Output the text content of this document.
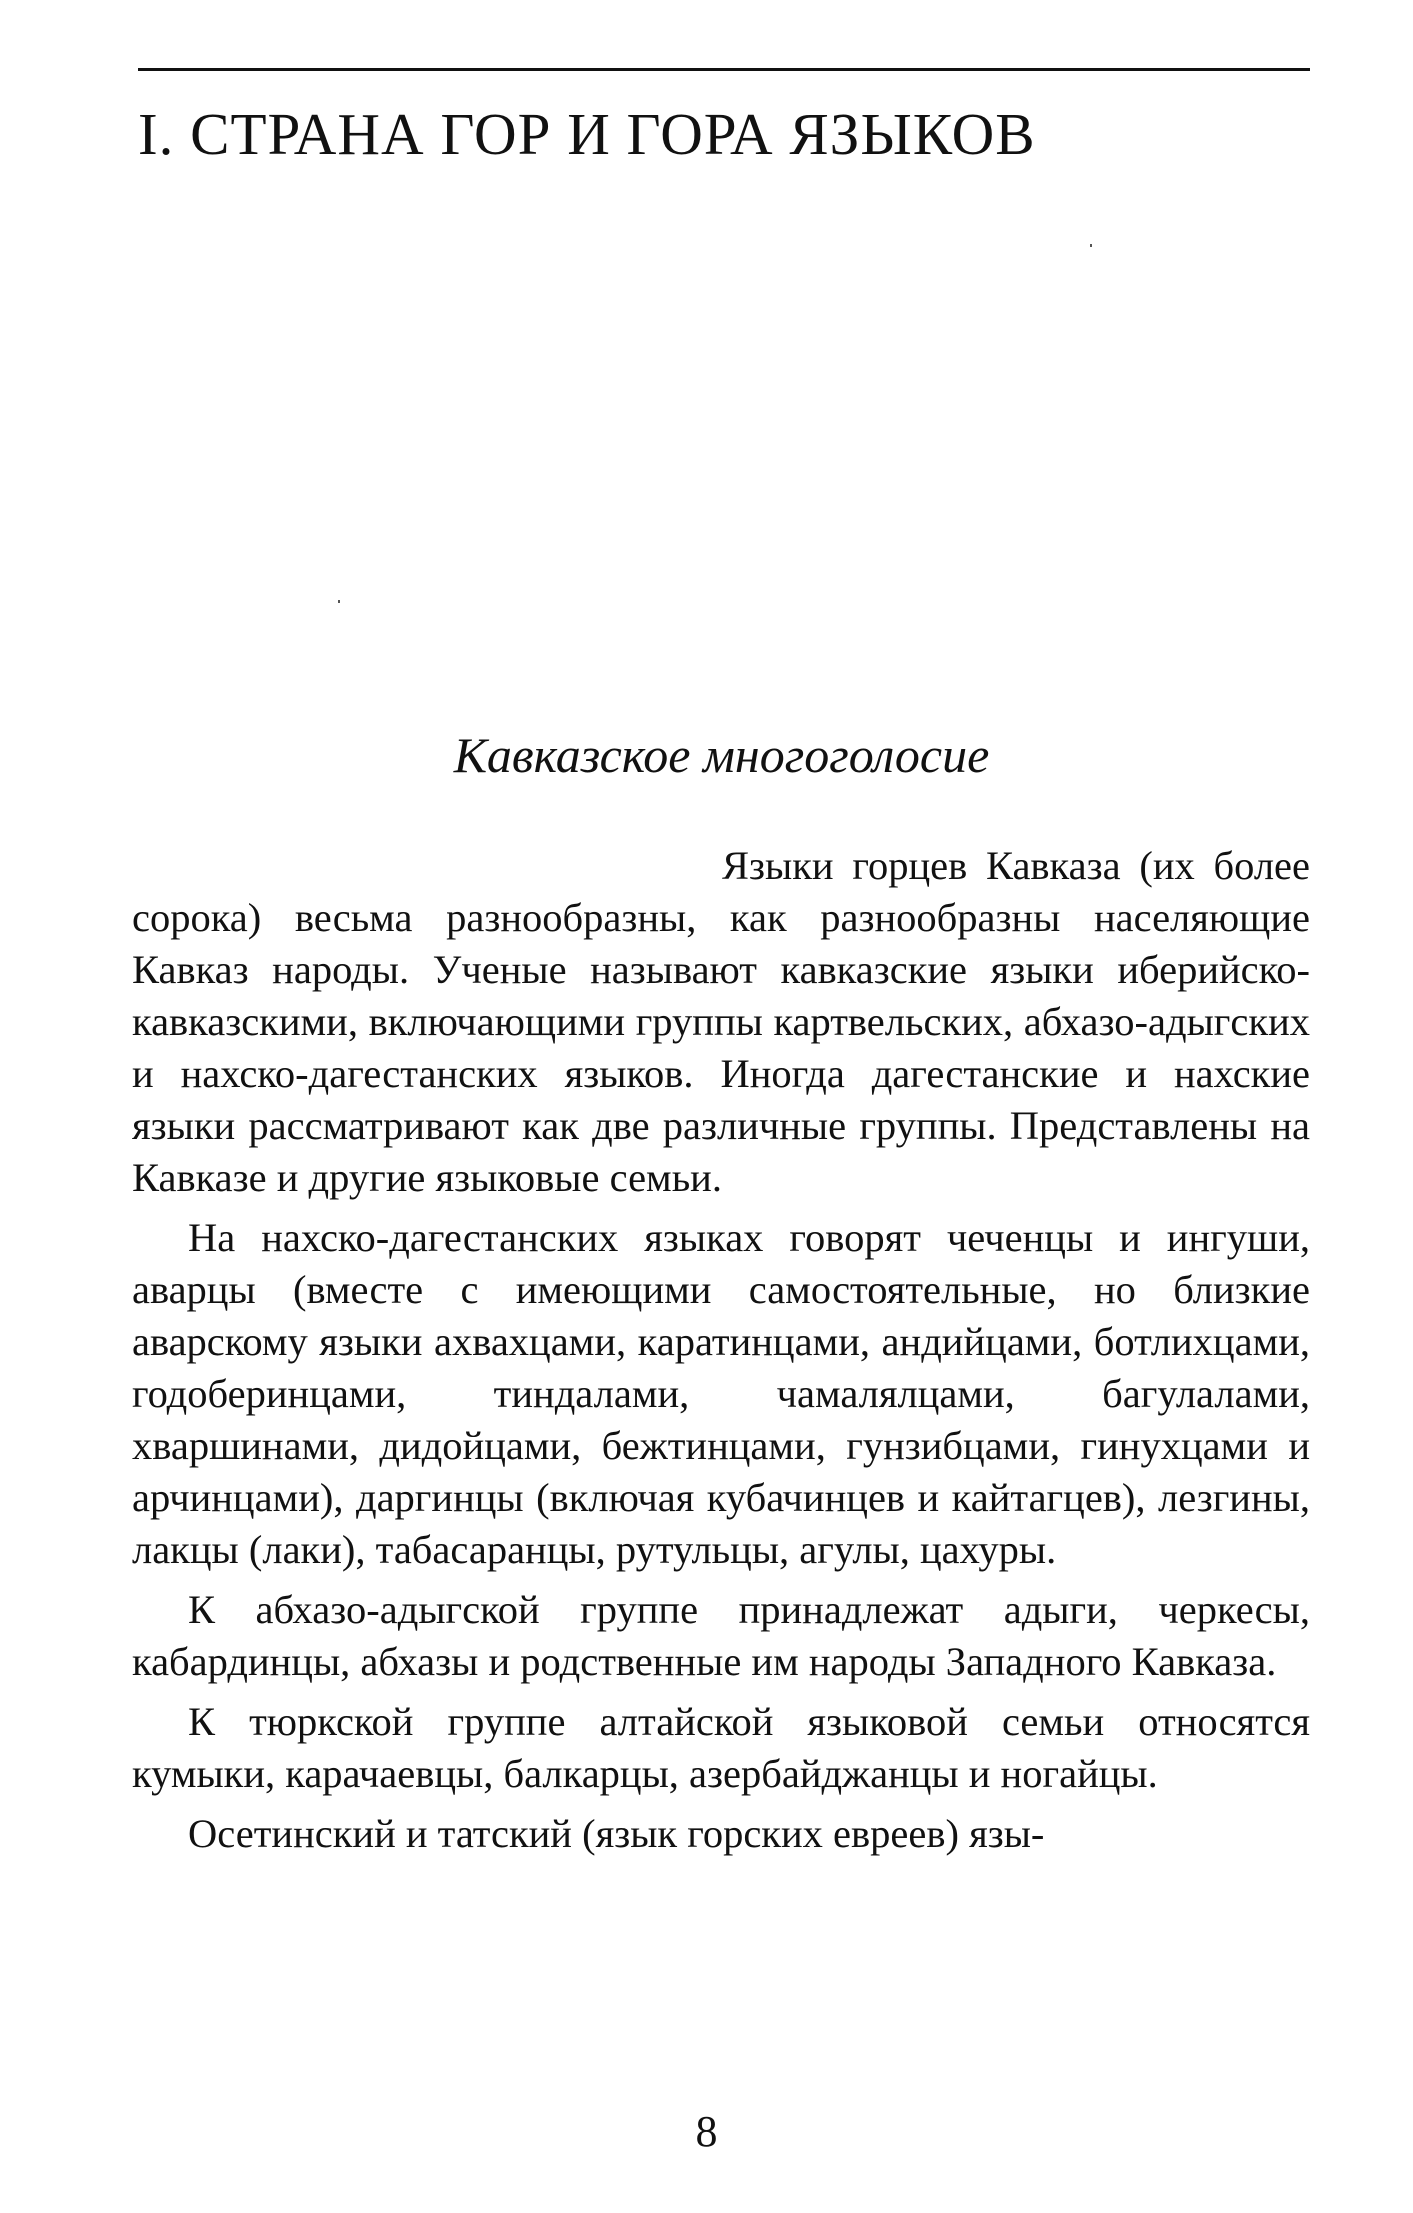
I. СТРАНА ГОР И ГОРА ЯЗЫКОВ
Кавказское многоголосие

Языки горцев Кавказа (их более сорока) весьма разнообразны, как разнообразны населяющие Кавказ народы. Ученые называют кавказские языки иберийско-кавказскими, включающими группы картвельских, абхазо-адыгских и нахско-дагестанских языков. Иногда дагестанские и нахские языки рассматривают как две различные группы. Представлены на Кавказе и другие языковые семьи.

На нахско-дагестанских языках говорят чеченцы и ингуши, аварцы (вместе с имеющими самостоятельные, но близкие аварскому языки ахвахцами, каратинцами, андийцами, ботлихцами, годоберинцами, тиндалами, чамалялцами, багулалами, хваршинами, дидойцами, бежтинцами, гунзибцами, гинухцами и арчинцами), даргинцы (включая кубачинцев и кайтагцев), лезгины, лакцы (лаки), табасаранцы, рутульцы, агулы, цахуры.

К абхазо-адыгской группе принадлежат адыги, черкесы, кабардинцы, абхазы и родственные им народы Западного Кавказа.

К тюркской группе алтайской языковой семьи относятся кумыки, карачаевцы, балкарцы, азербайджанцы и ногайцы.

Осетинский и татский (язык горских евреев) язы-

8
